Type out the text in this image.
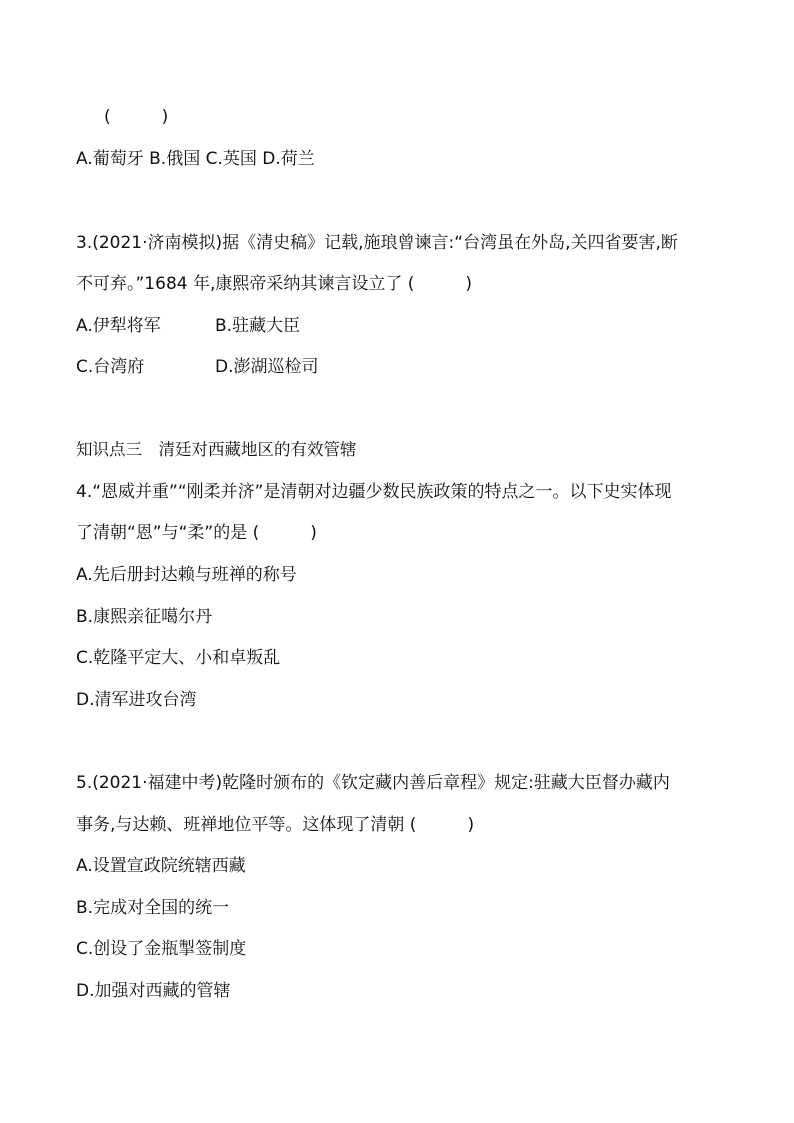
(　　　)
A.葡萄牙 B.俄国 C.英国 D.荷兰
3.(2021·济南模拟)据《清史稿》记载,施琅曾谏言:“台湾虽在外岛,关四省要害,断
不可弃。”1684 年,康熙帝采纳其谏言设立了 (　　　)
A.伊犁将军	B.驻藏大臣
C.台湾府	D.澎湖巡检司
知识点三　清廷对西藏地区的有效管辖
4.“恩威并重”“刚柔并济”是清朝对边疆少数民族政策的特点之一。以下史实体现
了清朝“恩”与“柔”的是 (　　　)
A.先后册封达赖与班禅的称号
B.康熙亲征噶尔丹
C.乾隆平定大、小和卓叛乱
D.清军进攻台湾
5.(2021·福建中考)乾隆时颁布的《钦定藏内善后章程》规定:驻藏大臣督办藏内
事务,与达赖、班禅地位平等。这体现了清朝 (　　　)
A.设置宣政院统辖西藏
B.完成对全国的统一
C.创设了金瓶掣签制度
D.加强对西藏的管辖
